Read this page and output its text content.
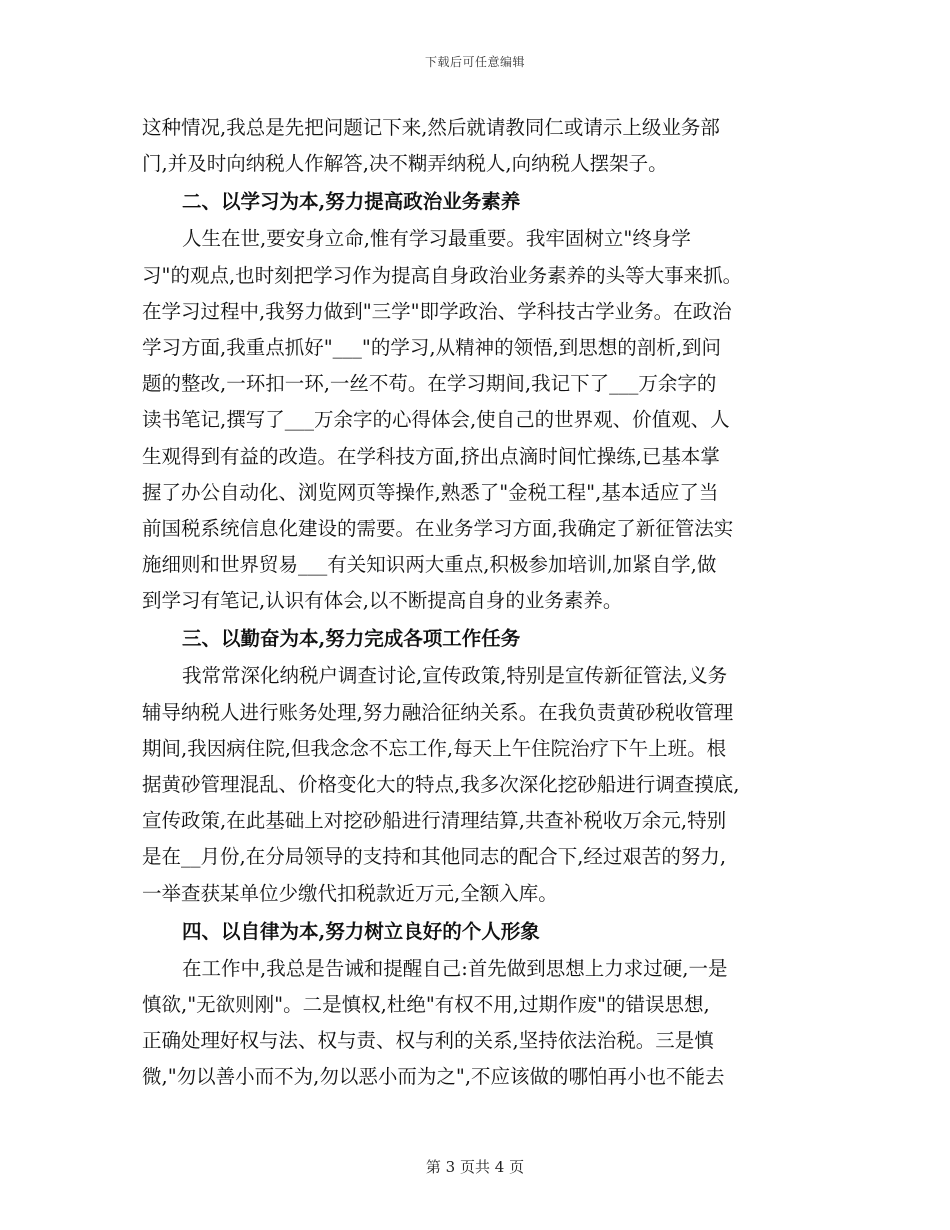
下载后可任意编辑
这种情况,我总是先把问题记下来,然后就请教同仁或请示上级业务部
门,并及时向纳税人作解答,决不糊弄纳税人,向纳税人摆架子。
二、以学习为本,努力提高政治业务素养
人生在世,要安身立命,惟有学习最重要。我牢固树立"终身学
习"的观点,也时刻把学习作为提高自身政治业务素养的头等大事来抓。
在学习过程中,我努力做到"三学"即学政治、学科技古学业务。在政治
学习方面,我重点抓好"___"的学习,从精神的领悟,到思想的剖析,到问
题的整改,一环扣一环,一丝不苟。在学习期间,我记下了___万余字的
读书笔记,撰写了___万余字的心得体会,使自己的世界观、价值观、人
生观得到有益的改造。在学科技方面,挤出点滴时间忙操练,已基本掌
握了办公自动化、浏览网页等操作,熟悉了"金税工程",基本适应了当
前国税系统信息化建设的需要。在业务学习方面,我确定了新征管法实
施细则和世界贸易___有关知识两大重点,积极参加培训,加紧自学,做
到学习有笔记,认识有体会,以不断提高自身的业务素养。
三、以勤奋为本,努力完成各项工作任务
我常常深化纳税户调查讨论,宣传政策,特别是宣传新征管法,义务
辅导纳税人进行账务处理,努力融洽征纳关系。在我负责黄砂税收管理
期间,我因病住院,但我念念不忘工作,每天上午住院治疗下午上班。根
据黄砂管理混乱、价格变化大的特点,我多次深化挖砂船进行调查摸底,
宣传政策,在此基础上对挖砂船进行清理结算,共查补税收万余元,特别
是在__月份,在分局领导的支持和其他同志的配合下,经过艰苦的努力,
一举查获某单位少缴代扣税款近万元,全额入库。
四、以自律为本,努力树立良好的个人形象
在工作中,我总是告诫和提醒自己:首先做到思想上力求过硬,一是
慎欲,"无欲则刚"。二是慎权,杜绝"有权不用,过期作废"的错误思想,
正确处理好权与法、权与责、权与利的关系,坚持依法治税。三是慎
微,"勿以善小而不为,勿以恶小而为之",不应该做的哪怕再小也不能去
第 3 页共 4 页
